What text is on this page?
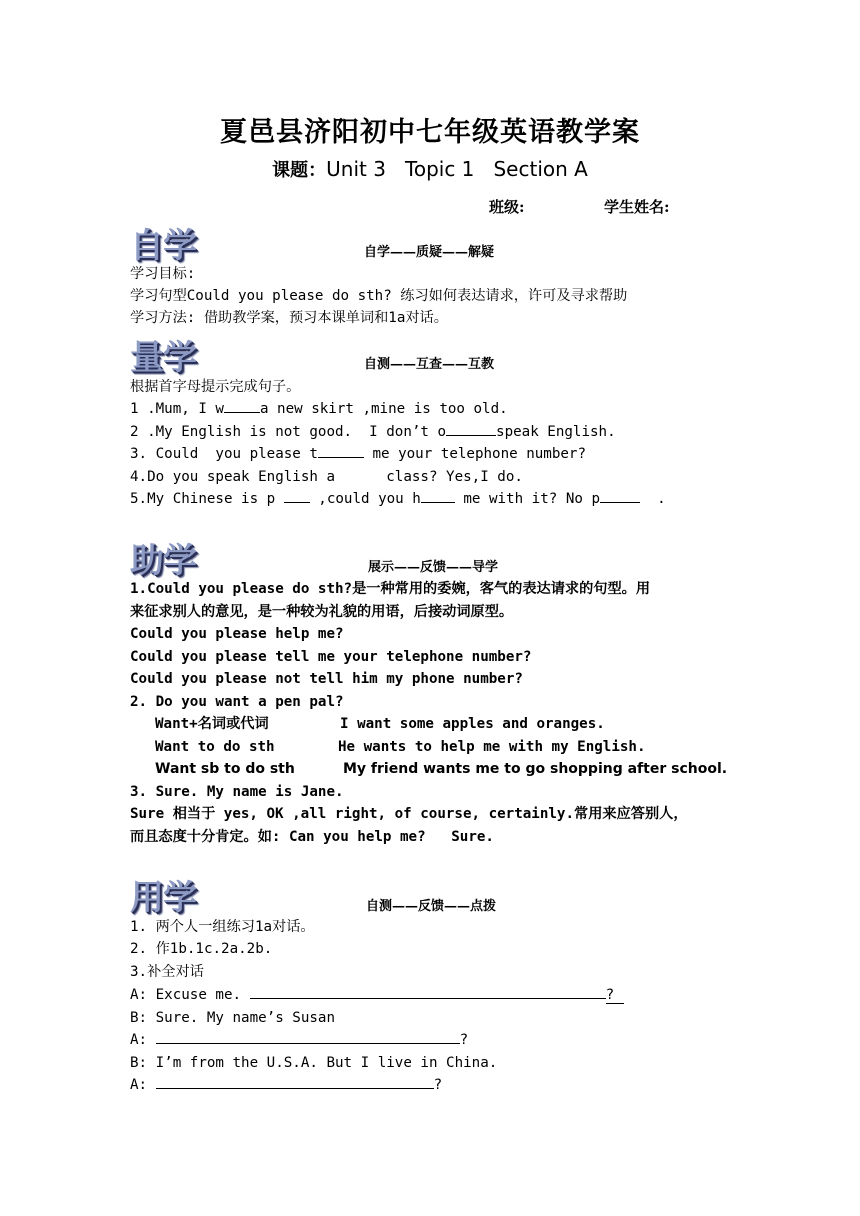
夏邑县济阳初中七年级英语教学案
课题：Unit 3   Topic 1   Section A
班级:	学生姓名:
自学	自学——质疑——解疑
学习目标:
学习句型Could you please do sth? 练习如何表达请求，许可及寻求帮助
学习方法: 借助教学案，预习本课单词和1a对话。
量学	自测——互查——互教
根据首字母提示完成句子。
1 .Mum, I w	a new skirt ,mine is too old.
2 .My English is not good.  I don’t o	speak English.
3. Could  you please t	me your telephone number?
4.Do you speak English a      class? Yes,I do.
5.My Chinese is p  ,could you h me with it? No p	.
助学	展示——反馈——导学
1.Could you please do sth?是一种常用的委婉，客气的表达请求的句型。用
来征求别人的意见，是一种较为礼貌的用语，后接动词原型。
Could you please help me?
Could you please tell me your telephone number?
Could you please not tell him my phone number?
2. Do you want a pen pal?
Want+名词或代词	I want some apples and oranges.
Want to do sth	He wants to help me with my English.
Want sb to do sth	My friend wants me to go shopping after school.
3. Sure. My name is Jane.
Sure 相当于 yes, OK ,all right, of course, certainly.常用来应答别人，
而且态度十分肯定。如: Can you help me?   Sure.
用学	自测——反馈——点拨
1. 两个人一组练习1a对话。
2. 作1b.1c.2a.2b.
3.补全对话
A: Excuse me.	?
B: Sure. My name’s Susan
A:	?
B: I’m from the U.S.A. But I live in China.
A:	?
